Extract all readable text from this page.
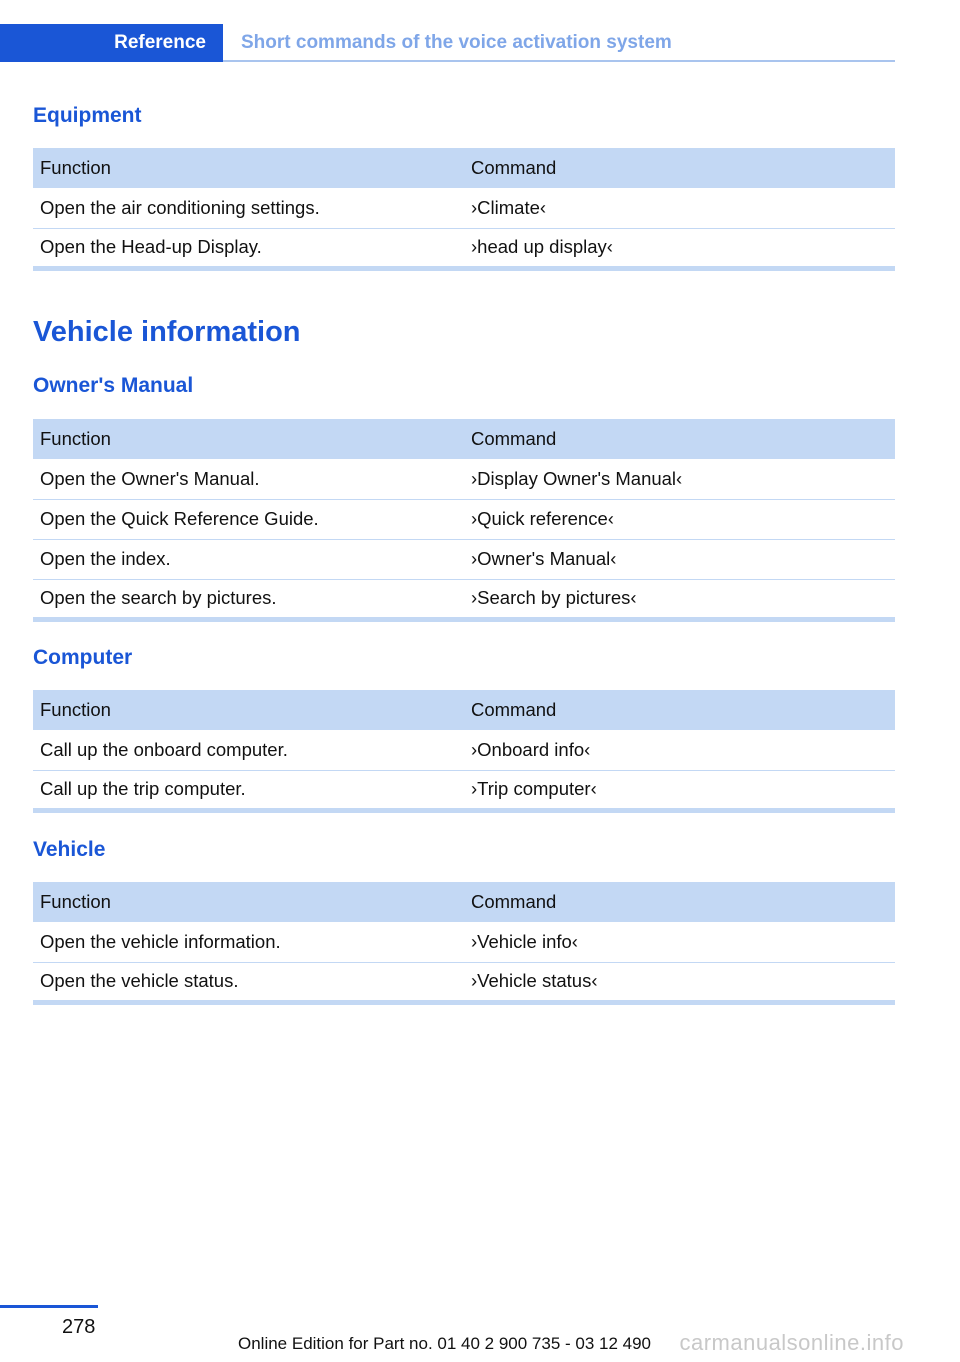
Reference	Short commands of the voice activation system
Equipment
Function	Command
Open the air conditioning settings.	›Climate‹
Open the Head-up Display.	›head up display‹
Vehicle information
Owner's Manual
Function	Command
Open the Owner's Manual.	›Display Owner's Manual‹
Open the Quick Reference Guide.	›Quick reference‹
Open the index.	›Owner's Manual‹
Open the search by pictures.	›Search by pictures‹
Computer
Function	Command
Call up the onboard computer.	›Onboard info‹
Call up the trip computer.	›Trip computer‹
Vehicle
Function	Command
Open the vehicle information.	›Vehicle info‹
Open the vehicle status.	›Vehicle status‹
278
Online Edition for Part no. 01 40 2 900 735 - 03 12 490 carmanualsonline.info
